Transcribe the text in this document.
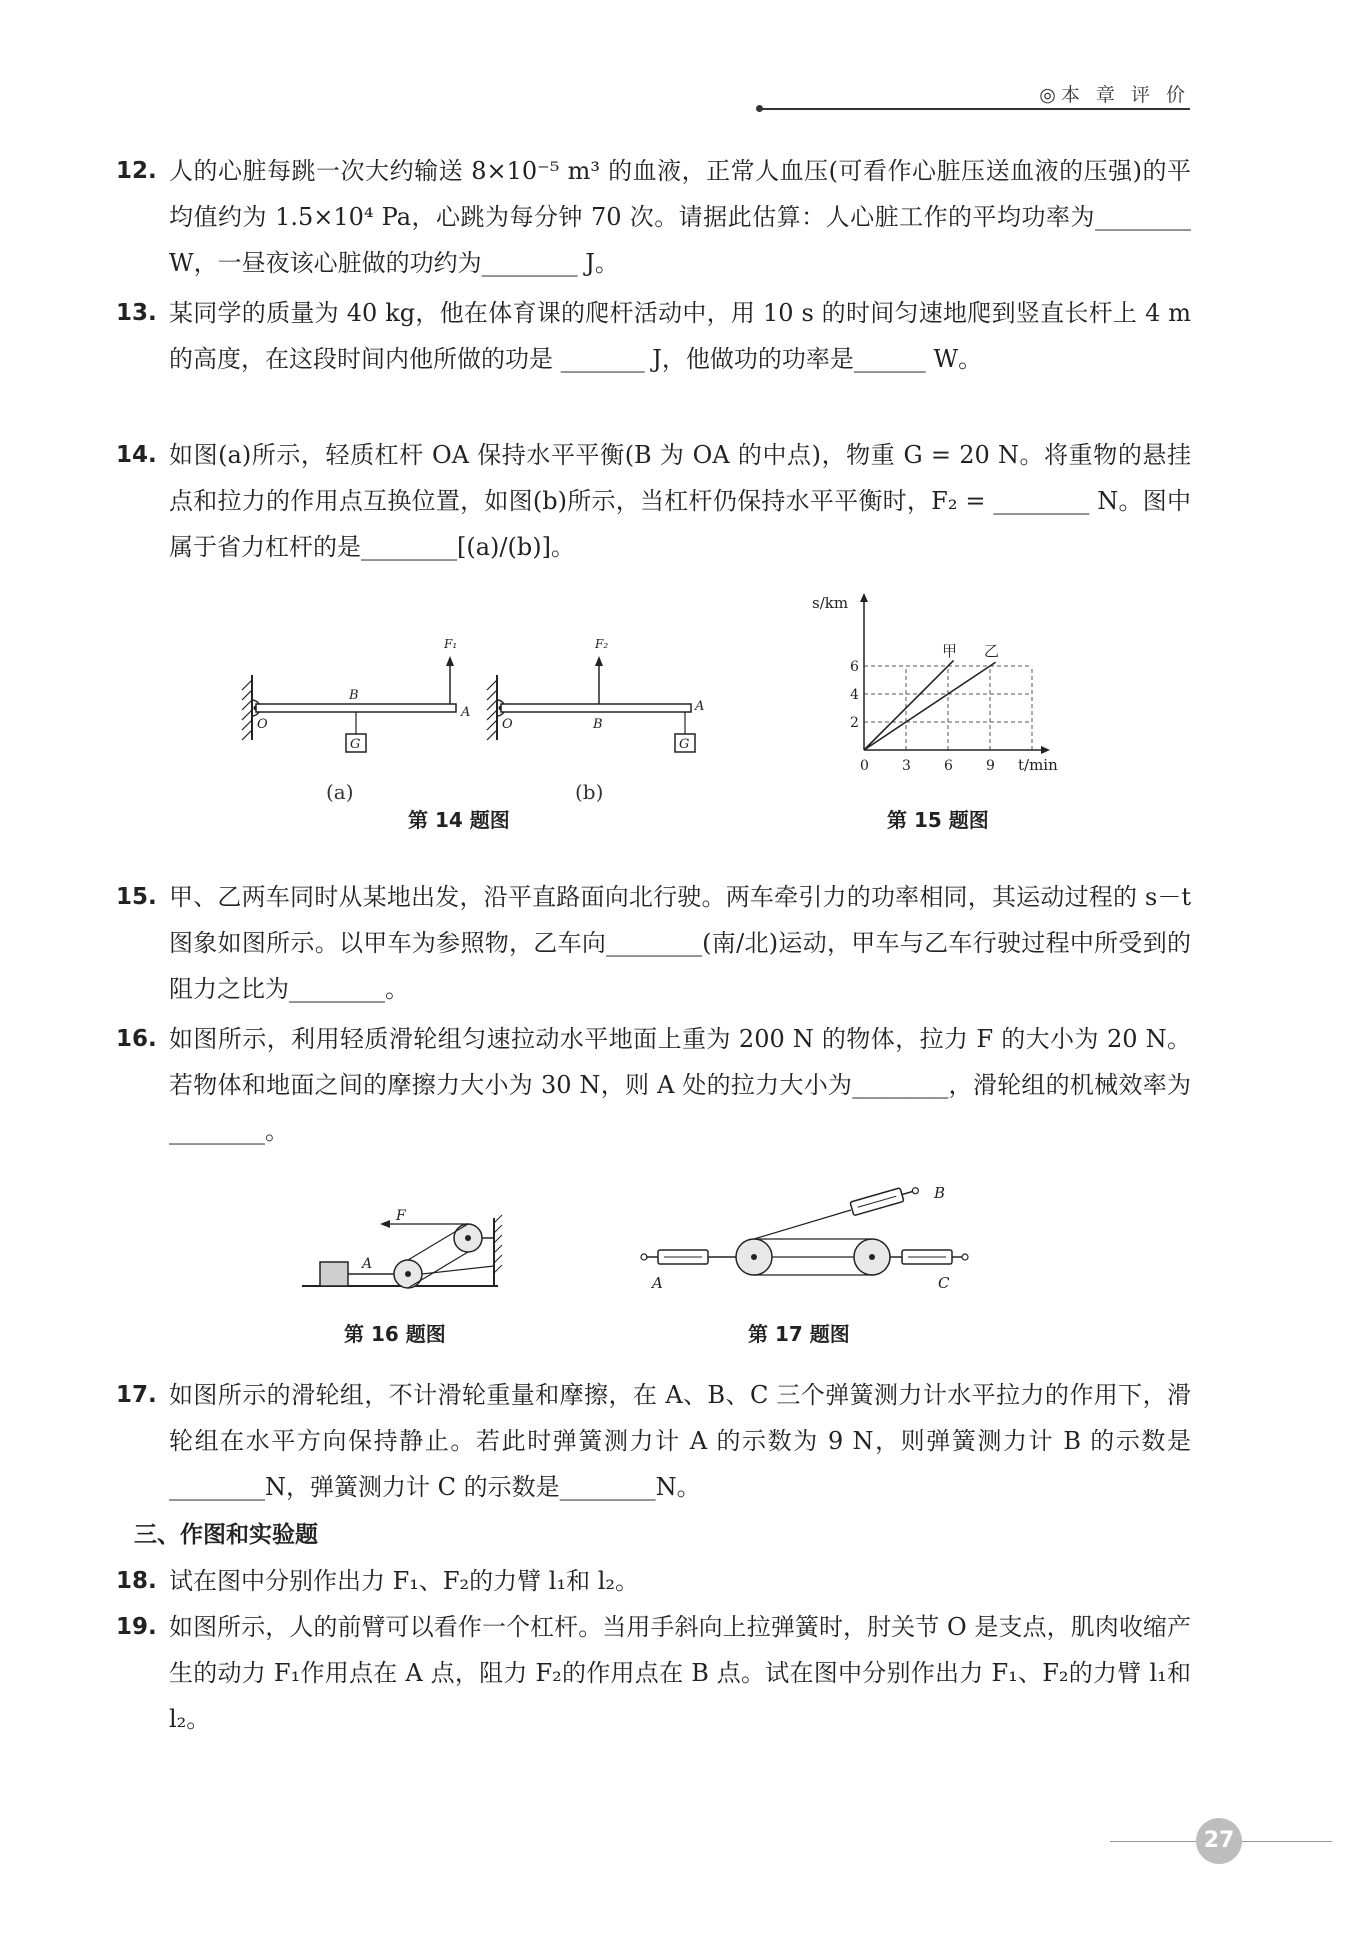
◎本 章 评 价
12. 人的心脏每跳一次大约输送 8×10⁻⁵ m³ 的血液，正常人血压(可看作心脏压送血液的压强)的平均值约为 1.5×10⁴ Pa，心跳为每分钟 70 次。请据此估算：人心脏工作的平均功率为________ W，一昼夜该心脏做的功约为________ J。
13. 某同学的质量为 40 kg，他在体育课的爬杆活动中，用 10 s 的时间匀速地爬到竖直长杆上 4 m 的高度，在这段时间内他所做的功是 _______ J，他做功的功率是______ W。
14. 如图(a)所示，轻质杠杆 OA 保持水平平衡(B 为 OA 的中点)，物重 G = 20 N。将重物的悬挂点和拉力的作用点互换位置，如图(b)所示，当杠杆仍保持水平平衡时，F₂ = ________ N。图中属于省力杠杆的是________[(a)/(b)]。
G
B
O
A
F₁	F₂
B
O
G
A
(a)	(b)
第 14 题图
0 3 6 9
2
4
6
甲 乙
s/km
t/min
第 15 题图
15. 甲、乙两车同时从某地出发，沿平直路面向北行驶。两车牵引力的功率相同，其运动过程的 s－t 图象如图所示。以甲车为参照物，乙车向________(南/北)运动，甲车与乙车行驶过程中所受到的阻力之比为________。
16. 如图所示，利用轻质滑轮组匀速拉动水平地面上重为 200 N 的物体，拉力 F 的大小为 20 N。若物体和地面之间的摩擦力大小为 30 N，则 A 处的拉力大小为________，滑轮组的机械效率为________。
A
F
第 16 题图
A
B
C
第 17 题图
17. 如图所示的滑轮组，不计滑轮重量和摩擦，在 A、B、C 三个弹簧测力计水平拉力的作用下，滑轮组在水平方向保持静止。若此时弹簧测力计 A 的示数为 9 N，则弹簧测力计 B 的示数是________N，弹簧测力计 C 的示数是________N。
三、作图和实验题
18. 试在图中分别作出力 F₁、F₂的力臂 l₁和 l₂。
19. 如图所示，人的前臂可以看作一个杠杆。当用手斜向上拉弹簧时，肘关节 O 是支点，肌肉收缩产生的动力 F₁作用点在 A 点，阻力 F₂的作用点在 B 点。试在图中分别作出力 F₁、F₂的力臂 l₁和 l₂。
27
